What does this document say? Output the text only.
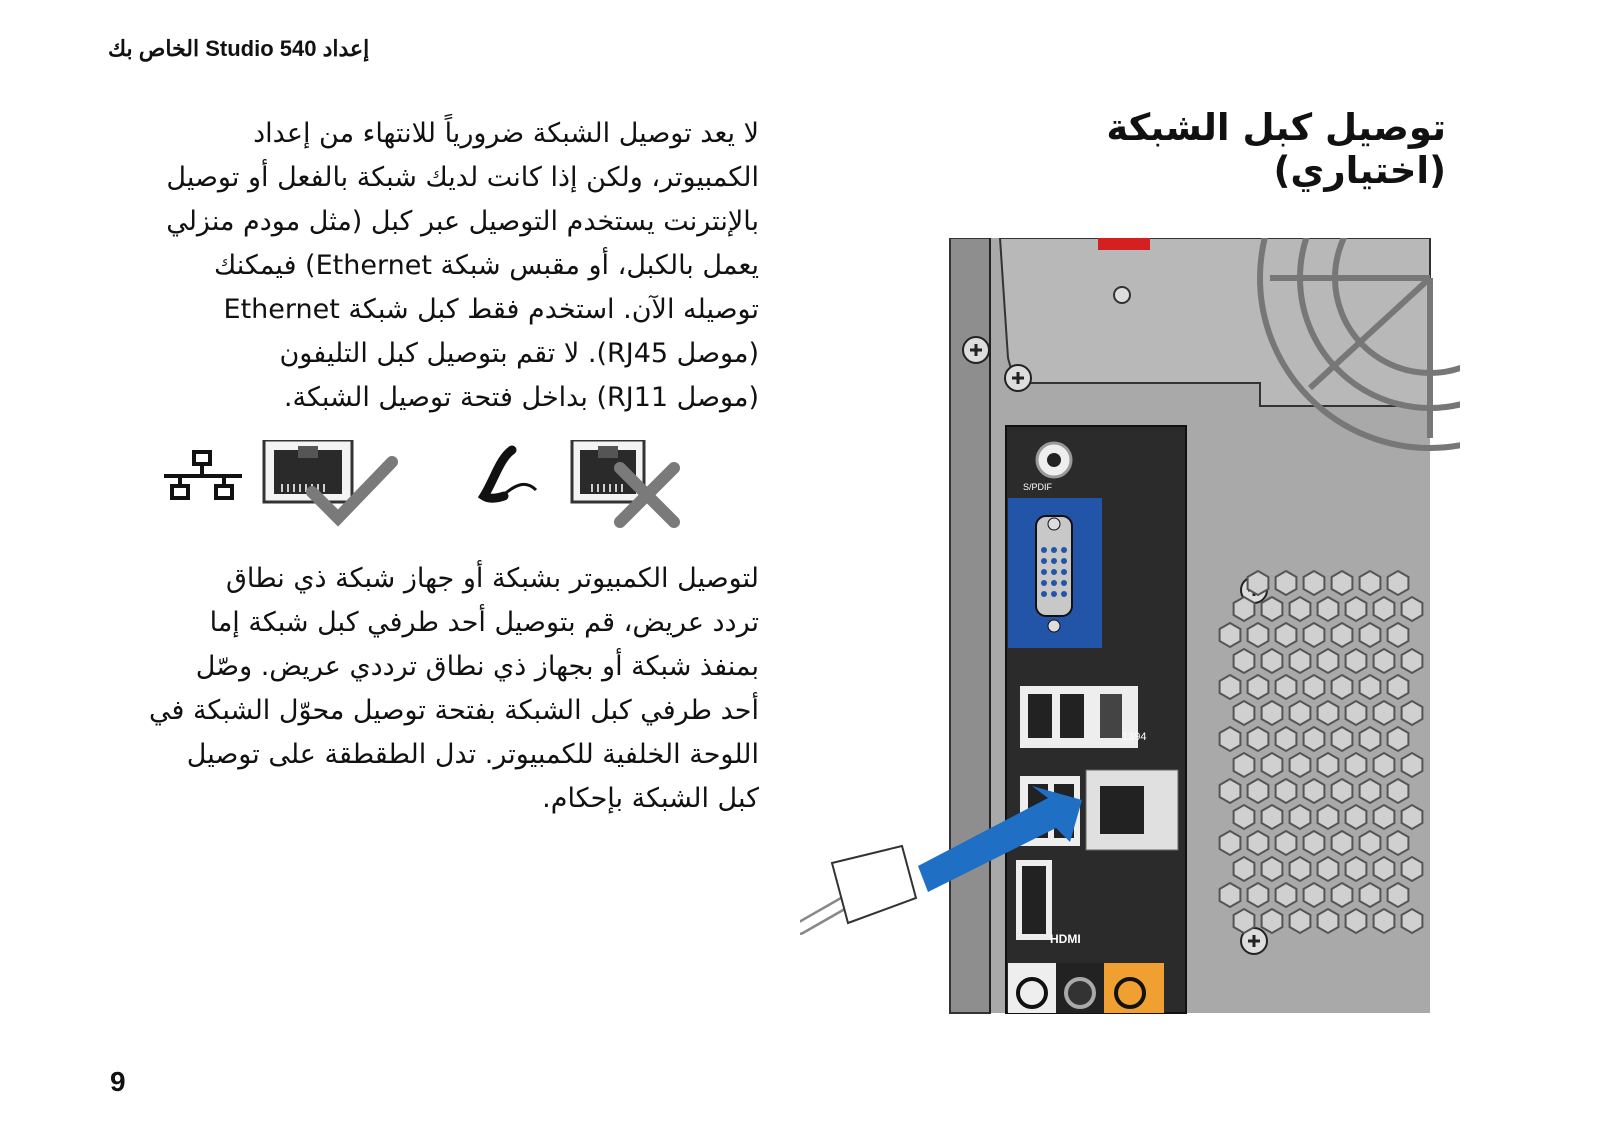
إعداد Studio 540 الخاص بك
توصيل كبل الشبكة (اختياري)

لا يعد توصيل الشبكة ضرورياً للانتهاء من إعداد

الكمبيوتر، ولكن إذا كانت لديك شبكة بالفعل أو توصيل

بالإنترنت يستخدم التوصيل عبر كبل (مثل مودم منزلي

يعمل بالكبل، أو مقبس شبكة Ethernet) فيمكنك

توصيله الآن. استخدم فقط كبل شبكة Ethernet

(موصل RJ45). لا تقم بتوصيل كبل التليفون

(موصل RJ11) بداخل فتحة توصيل الشبكة.

لتوصيل الكمبيوتر بشبكة أو جهاز شبكة ذي نطاق

تردد عريض، قم بتوصيل أحد طرفي كبل شبكة إما

بمنفذ شبكة أو بجهاز ذي نطاق ترددي عريض. وصّل

أحد طرفي كبل الشبكة بفتحة توصيل محوّل الشبكة في

اللوحة الخلفية للكمبيوتر. تدل الطقطقة على توصيل

كبل الشبكة بإحكام.

S/PDIF
1394
HDMI
9
